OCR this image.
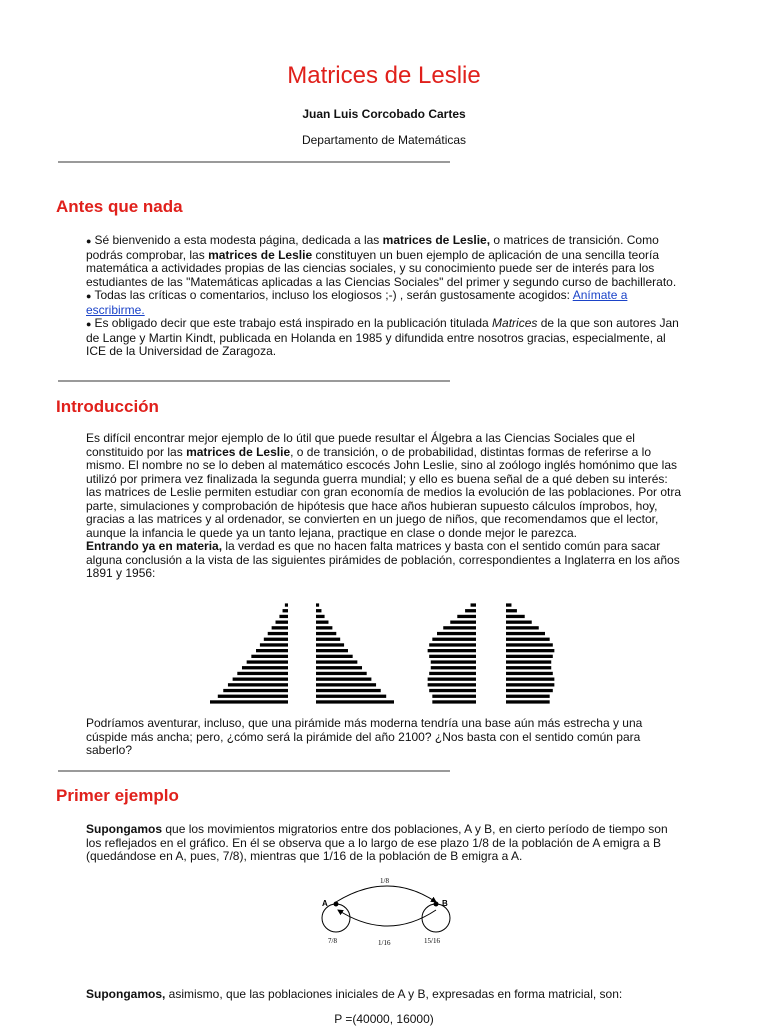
Matrices de Leslie
Juan Luis Corcobado Cartes
Departamento de Matemáticas
Antes que nada
● Sé bienvenido a esta modesta página, dedicada a las matrices de Leslie, o matrices de transición. Como podrás comprobar, las matrices de Leslie constituyen un buen ejemplo de aplicación de una sencilla teoría matemática a actividades propias de las ciencias sociales, y su conocimiento puede ser de interés para los estudiantes de las "Matemáticas aplicadas a las Ciencias Sociales" del primer y segundo curso de bachillerato.
● Todas las críticas o comentarios, incluso los elogiosos ;-) , serán gustosamente acogidos: Anímate a escribirme.
● Es obligado decir que este trabajo está inspirado en la publicación titulada Matrices de la que son autores Jan de Lange y Martin Kindt, publicada en Holanda en 1985 y difundida entre nosotros gracias, especialmente, al ICE de la Universidad de Zaragoza.
Introducción
Es difícil encontrar mejor ejemplo de lo útil que puede resultar el Álgebra a las Ciencias Sociales que el constituido por las matrices de Leslie, o de transición, o de probabilidad, distintas formas de referirse a lo mismo. El nombre no se lo deben al matemático escocés John Leslie, sino al zoólogo inglés homónimo que las utilizó por primera vez finalizada la segunda guerra mundial; y ello es buena señal de a qué deben su interés: las matrices de Leslie permiten estudiar con gran economía de medios la evolución de las poblaciones. Por otra parte, simulaciones y comprobación de hipótesis que hace años hubieran supuesto cálculos ímprobos, hoy, gracias a las matrices y al ordenador, se convierten en un juego de niños, que recomendamos que el lector, aunque la infancia le quede ya un tanto lejana, practique en clase o donde mejor le parezca.
Entrando ya en materia, la verdad es que no hacen falta matrices y basta con el sentido común para sacar alguna conclusión a la vista de las siguientes pirámides de población, correspondientes a Inglaterra en los años 1891 y 1956:
Podríamos aventurar, incluso, que una pirámide más moderna tendría una base aún más estrecha y una cúspide más ancha; pero, ¿cómo será la pirámide del año 2100? ¿Nos basta con el sentido común para saberlo?
Primer ejemplo
Supongamos que los movimientos migratorios entre dos poblaciones, A y B, en cierto período de tiempo son los reflejados en el gráfico. En él se observa que a lo largo de ese plazo 1/8 de la población de A emigra a B (quedándose en A, pues, 7/8), mientras que 1/16 de la población de B emigra a A.
A	B
1/8
1/16
7/8	15/16
Supongamos, asimismo, que las poblaciones iniciales de A y B, expresadas en forma matricial, son:
P =(40000, 16000)
